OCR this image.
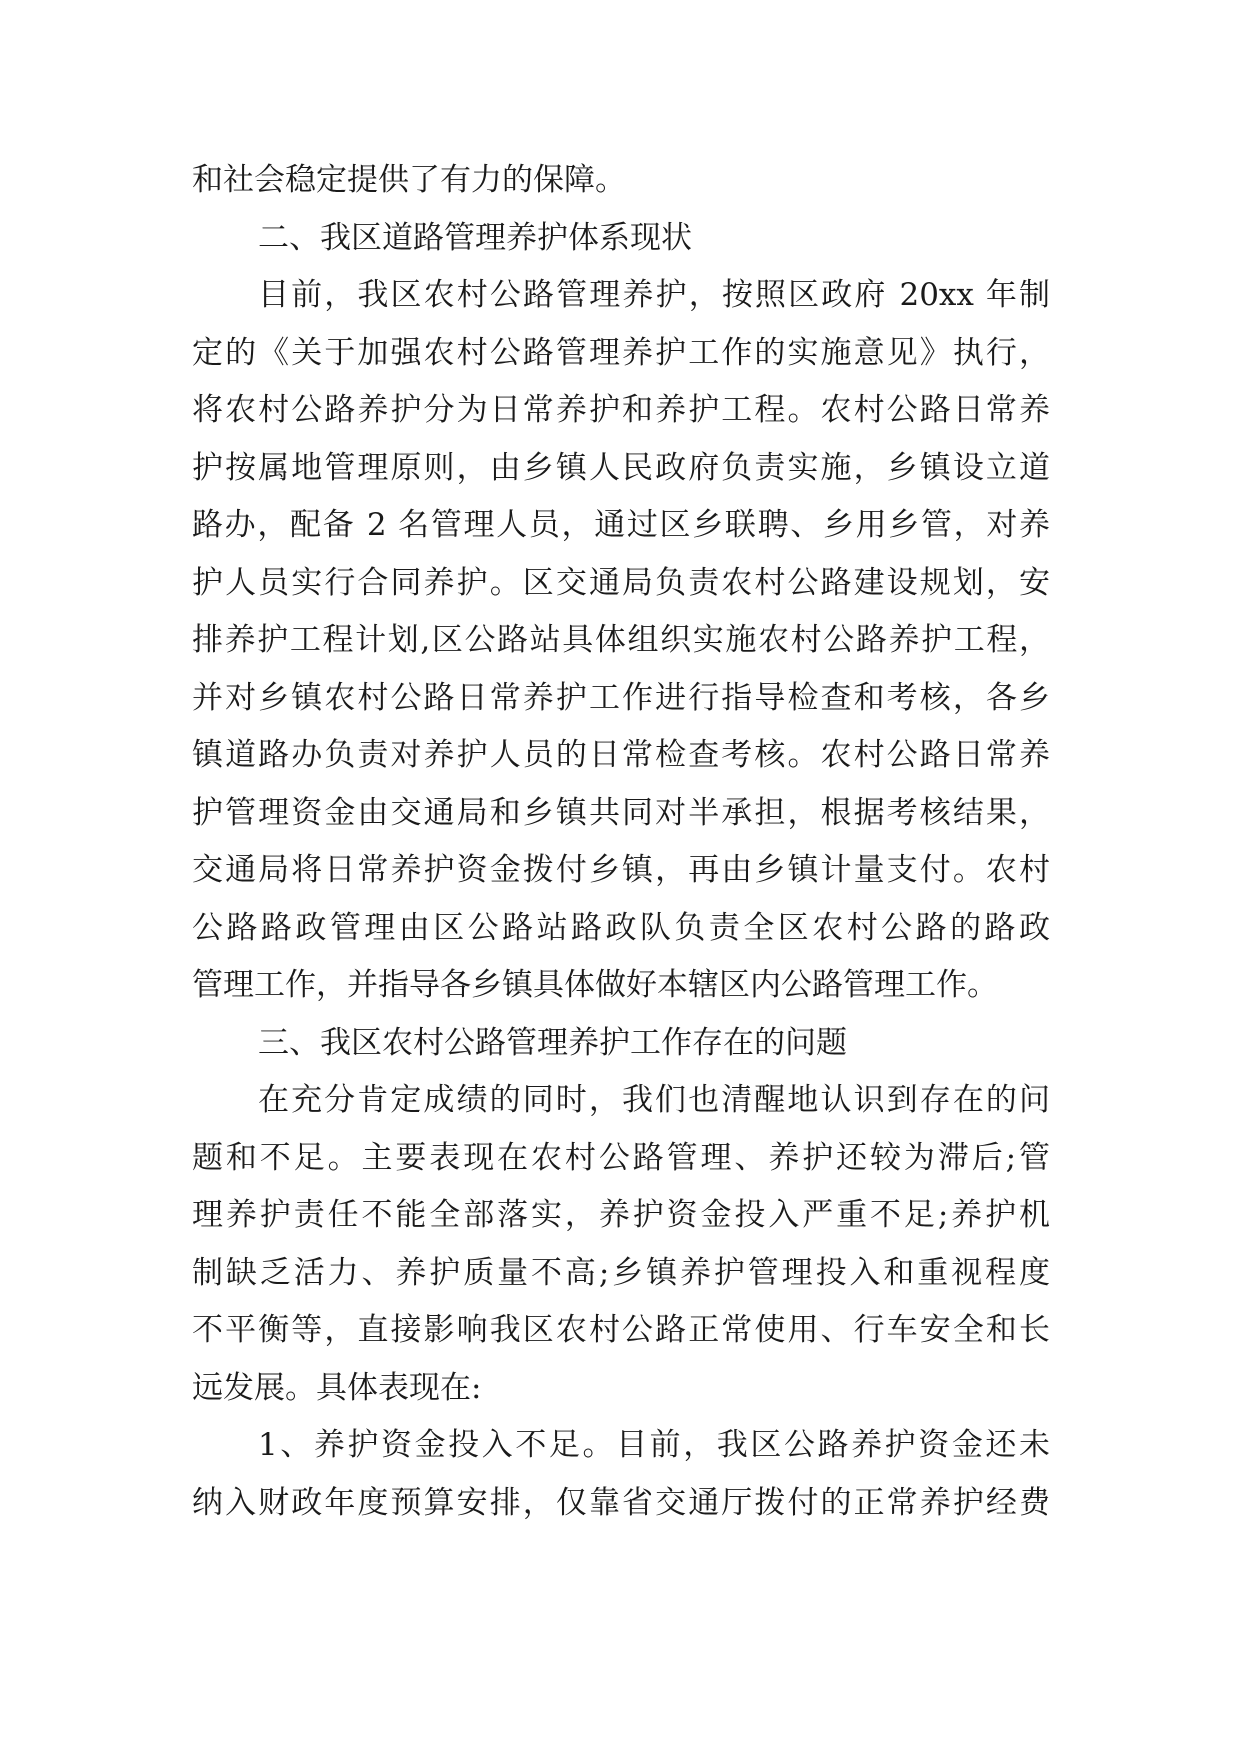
和社会稳定提供了有力的保障。
二、我区道路管理养护体系现状
目前，我区农村公路管理养护，按照区政府 20xx 年制
定的《关于加强农村公路管理养护工作的实施意见》执行，
将农村公路养护分为日常养护和养护工程。农村公路日常养
护按属地管理原则，由乡镇人民政府负责实施，乡镇设立道
路办，配备 2 名管理人员，通过区乡联聘、乡用乡管，对养
护人员实行合同养护。区交通局负责农村公路建设规划，安
排养护工程计划,区公路站具体组织实施农村公路养护工程，
并对乡镇农村公路日常养护工作进行指导检查和考核，各乡
镇道路办负责对养护人员的日常检查考核。农村公路日常养
护管理资金由交通局和乡镇共同对半承担，根据考核结果，
交通局将日常养护资金拨付乡镇，再由乡镇计量支付。农村
公路路政管理由区公路站路政队负责全区农村公路的路政
管理工作，并指导各乡镇具体做好本辖区内公路管理工作。
三、我区农村公路管理养护工作存在的问题
在充分肯定成绩的同时，我们也清醒地认识到存在的问
题和不足。主要表现在农村公路管理、养护还较为滞后;管
理养护责任不能全部落实，养护资金投入严重不足;养护机
制缺乏活力、养护质量不高;乡镇养护管理投入和重视程度
不平衡等，直接影响我区农村公路正常使用、行车安全和长
远发展。具体表现在:
1、养护资金投入不足。目前，我区公路养护资金还未
纳入财政年度预算安排，仅靠省交通厅拨付的正常养护经费
